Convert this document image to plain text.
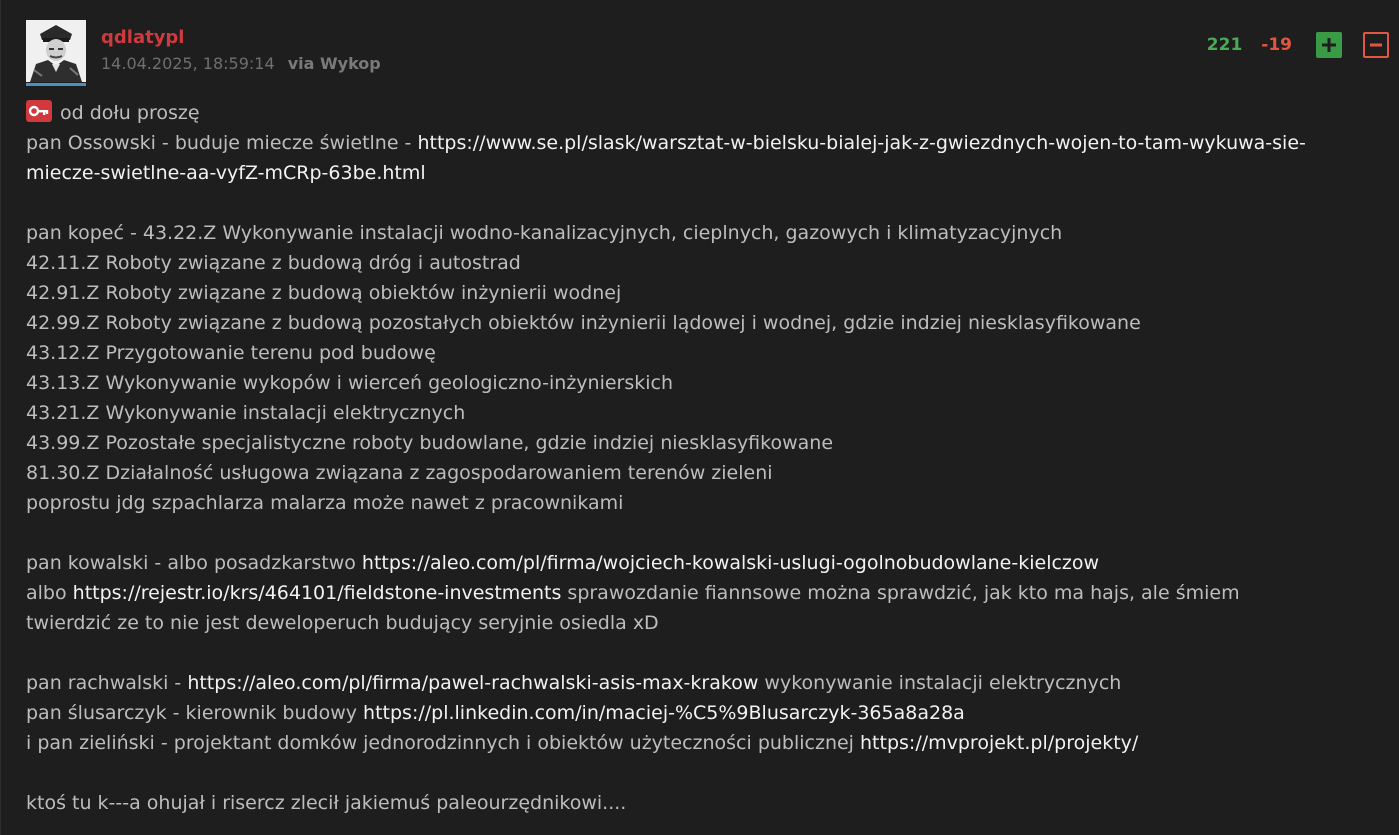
qdlatypl
14.04.2025, 18:59:14 via Wykop
221 -19
od dołu proszę
pan Ossowski - buduje miecze świetlne - https://www.se.pl/slask/warsztat-w-bielsku-bialej-jak-z-gwiezdnych-wojen-to-tam-wykuwa-sie-
miecze-swietlne-aa-vyfZ-mCRp-63be.html
pan kopeć - 43.22.Z Wykonywanie instalacji wodno-kanalizacyjnych, cieplnych, gazowych i klimatyzacyjnych
42.11.Z Roboty związane z budową dróg i autostrad
42.91.Z Roboty związane z budową obiektów inżynierii wodnej
42.99.Z Roboty związane z budową pozostałych obiektów inżynierii lądowej i wodnej, gdzie indziej niesklasyfikowane
43.12.Z Przygotowanie terenu pod budowę
43.13.Z Wykonywanie wykopów i wierceń geologiczno-inżynierskich
43.21.Z Wykonywanie instalacji elektrycznych
43.99.Z Pozostałe specjalistyczne roboty budowlane, gdzie indziej niesklasyfikowane
81.30.Z Działalność usługowa związana z zagospodarowaniem terenów zieleni
poprostu jdg szpachlarza malarza może nawet z pracownikami
pan kowalski - albo posadzkarstwo https://aleo.com/pl/firma/wojciech-kowalski-uslugi-ogolnobudowlane-kielczow
albo https://rejestr.io/krs/464101/fieldstone-investments sprawozdanie fiannsowe można sprawdzić, jak kto ma hajs, ale śmiem
twierdzić ze to nie jest deweloperuch budujący seryjnie osiedla xD
pan rachwalski - https://aleo.com/pl/firma/pawel-rachwalski-asis-max-krakow wykonywanie instalacji elektrycznych
pan ślusarczyk - kierownik budowy https://pl.linkedin.com/in/maciej-%C5%9Blusarczyk-365a8a28a
i pan zieliński - projektant domków jednorodzinnych i obiektów użyteczności publicznej https://mvprojekt.pl/projekty/
ktoś tu k---a ohujał i risercz zlecił jakiemuś paleourzędnikowi....
